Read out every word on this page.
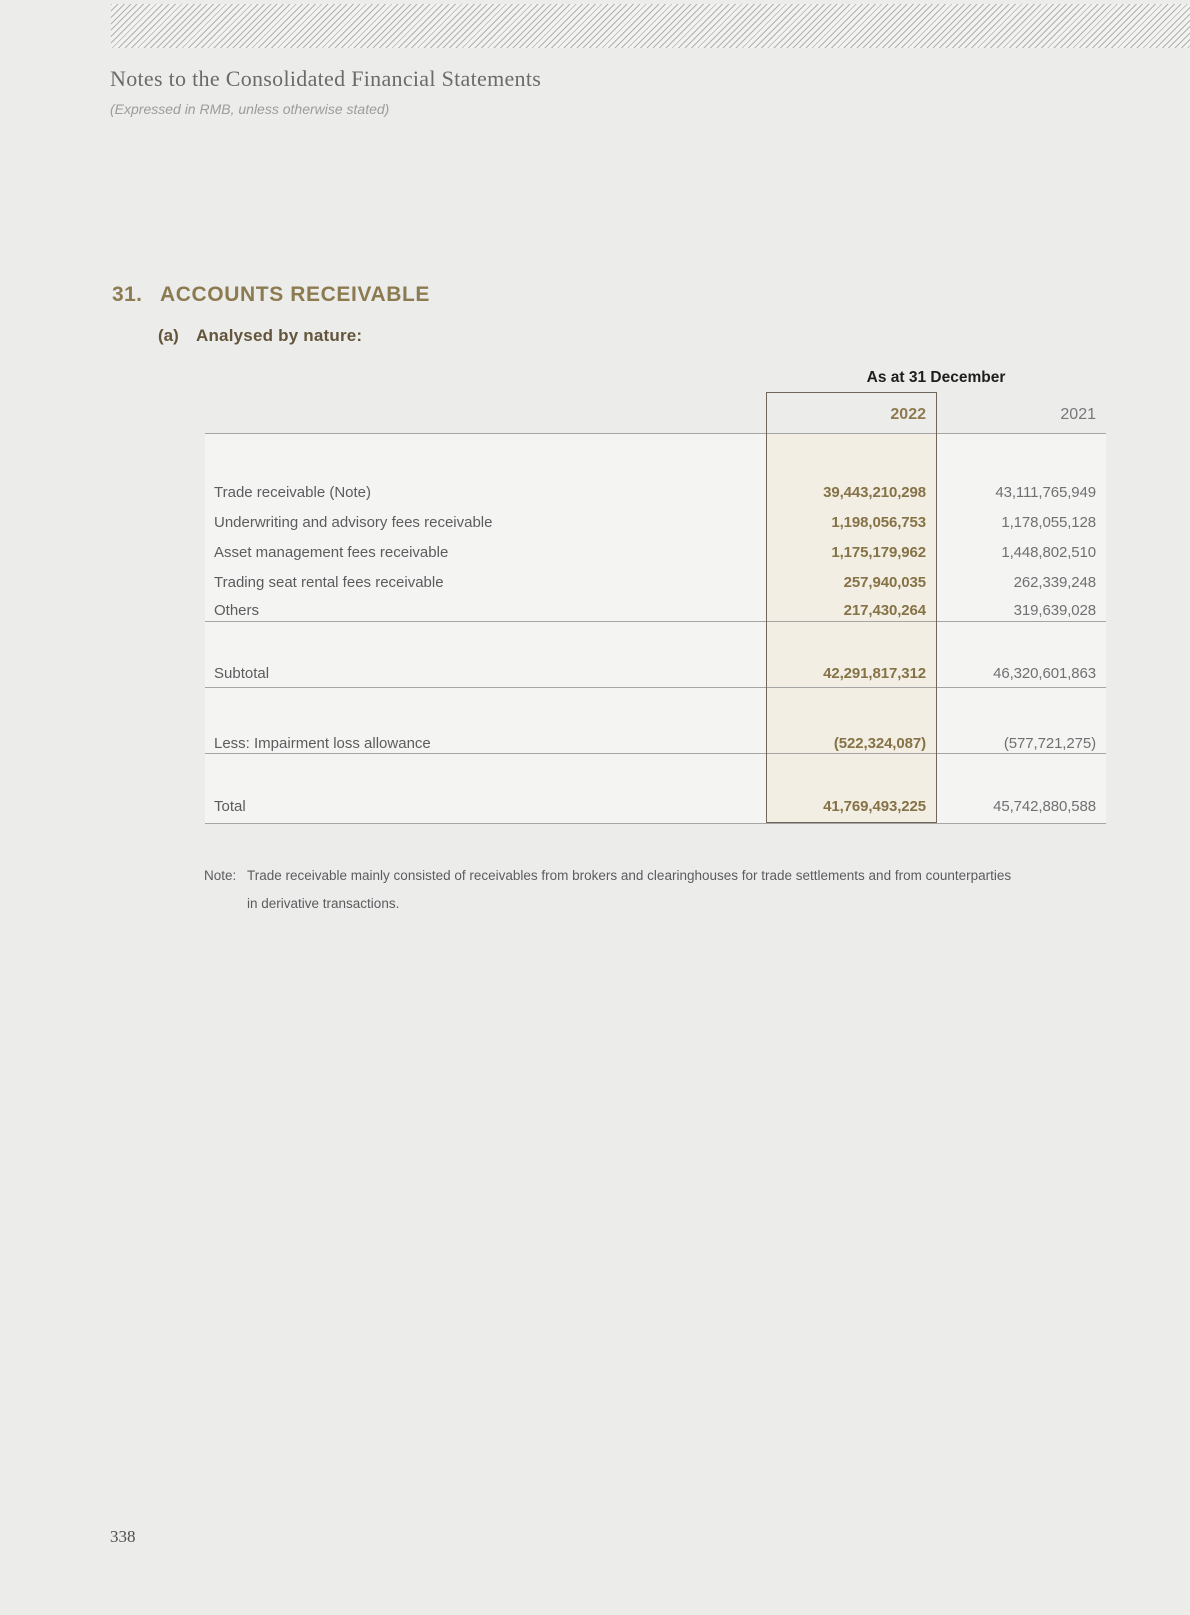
Notes to the Consolidated Financial Statements
(Expressed in RMB, unless otherwise stated)
31. ACCOUNTS RECEIVABLE
(a) Analysed by nature:
As at 31 December
2022	2021
Trade receivable (Note)	39,443,210,298	43,111,765,949
Underwriting and advisory fees receivable	1,198,056,753	1,178,055,128
Asset management fees receivable	1,175,179,962	1,448,802,510
Trading seat rental fees receivable	257,940,035	262,339,248
Others	217,430,264	319,639,028
Subtotal	42,291,817,312	46,320,601,863
Less: Impairment loss allowance	(522,324,087)	(577,721,275)
Total	41,769,493,225	45,742,880,588
Note: Trade receivable mainly consisted of receivables from brokers and clearinghouses for trade settlements and from counterparties
in derivative transactions.
338
